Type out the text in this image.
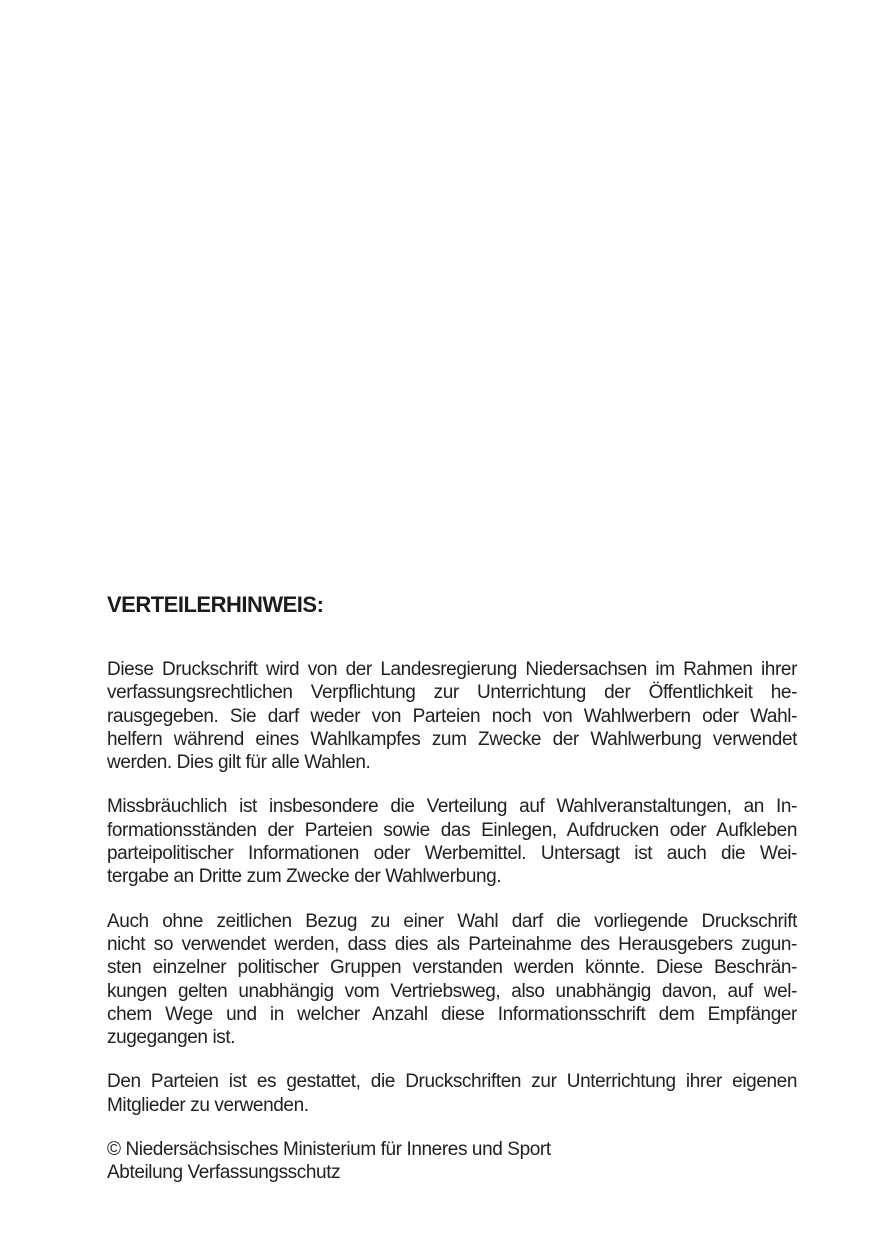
VERTEILERHINWEIS:
Diese Druckschrift wird von der Landesregierung Niedersachsen im Rahmen ihrer
verfassungsrechtlichen Verpflichtung zur Unterrichtung der Öffentlichkeit he-
rausgegeben. Sie darf weder von Parteien noch von Wahlwerbern oder Wahl-
helfern während eines Wahlkampfes zum Zwecke der Wahlwerbung verwendet
werden. Dies gilt für alle Wahlen.
Missbräuchlich ist insbesondere die Verteilung auf Wahlveranstaltungen, an In-
formationsständen der Parteien sowie das Einlegen, Aufdrucken oder Aufkleben
parteipolitischer Informationen oder Werbemittel. Untersagt ist auch die Wei-
tergabe an Dritte zum Zwecke der Wahlwerbung.
Auch ohne zeitlichen Bezug zu einer Wahl darf die vorliegende Druckschrift
nicht so verwendet werden, dass dies als Parteinahme des Herausgebers zugun-
sten einzelner politischer Gruppen verstanden werden könnte. Diese Beschrän-
kungen gelten unabhängig vom Vertriebsweg, also unabhängig davon, auf wel-
chem Wege und in welcher Anzahl diese Informationsschrift dem Empfänger
zugegangen ist.
Den Parteien ist es gestattet, die Druckschriften zur Unterrichtung ihrer eigenen
Mitglieder zu verwenden.
© Niedersächsisches Ministerium für Inneres und Sport
Abteilung Verfassungsschutz
